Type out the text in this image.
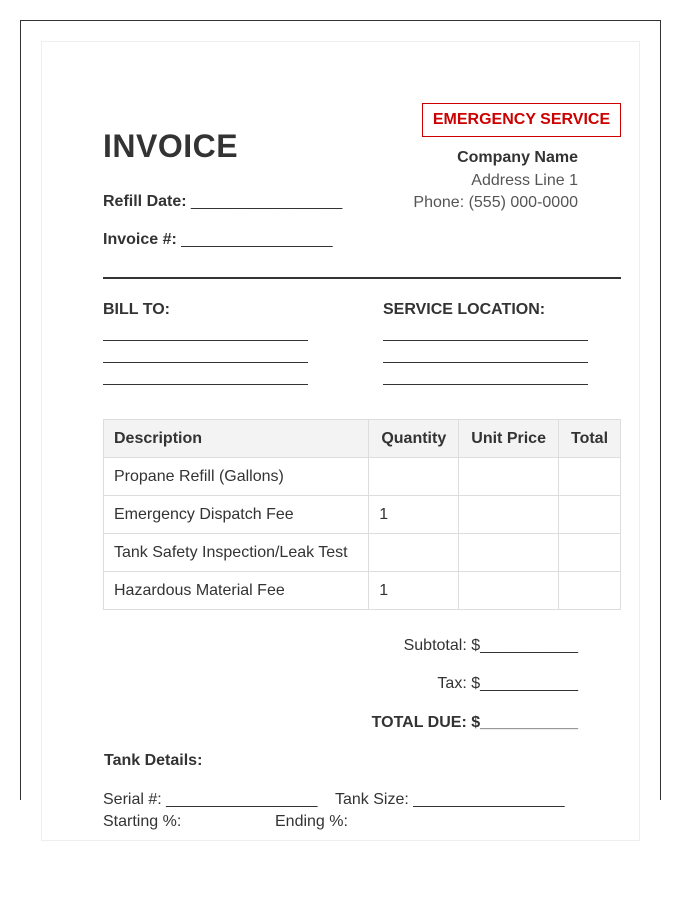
INVOICE
EMERGENCY SERVICE
Company Name
Address Line 1
Phone: (555) 000-0000
Refill Date: _________________
Invoice #: _________________
BILL TO:	SERVICE LOCATION:
Description	Quantity	Unit Price	Total
Propane Refill (Gallons)			
Emergency Dispatch Fee	1		
Tank Safety Inspection/Leak Test			
Hazardous Material Fee	1		
Subtotal: $___________
Tax: $___________
TOTAL DUE: $___________
Tank Details:
Serial #: _________________ Tank Size: _________________
Starting %:	Ending %:
